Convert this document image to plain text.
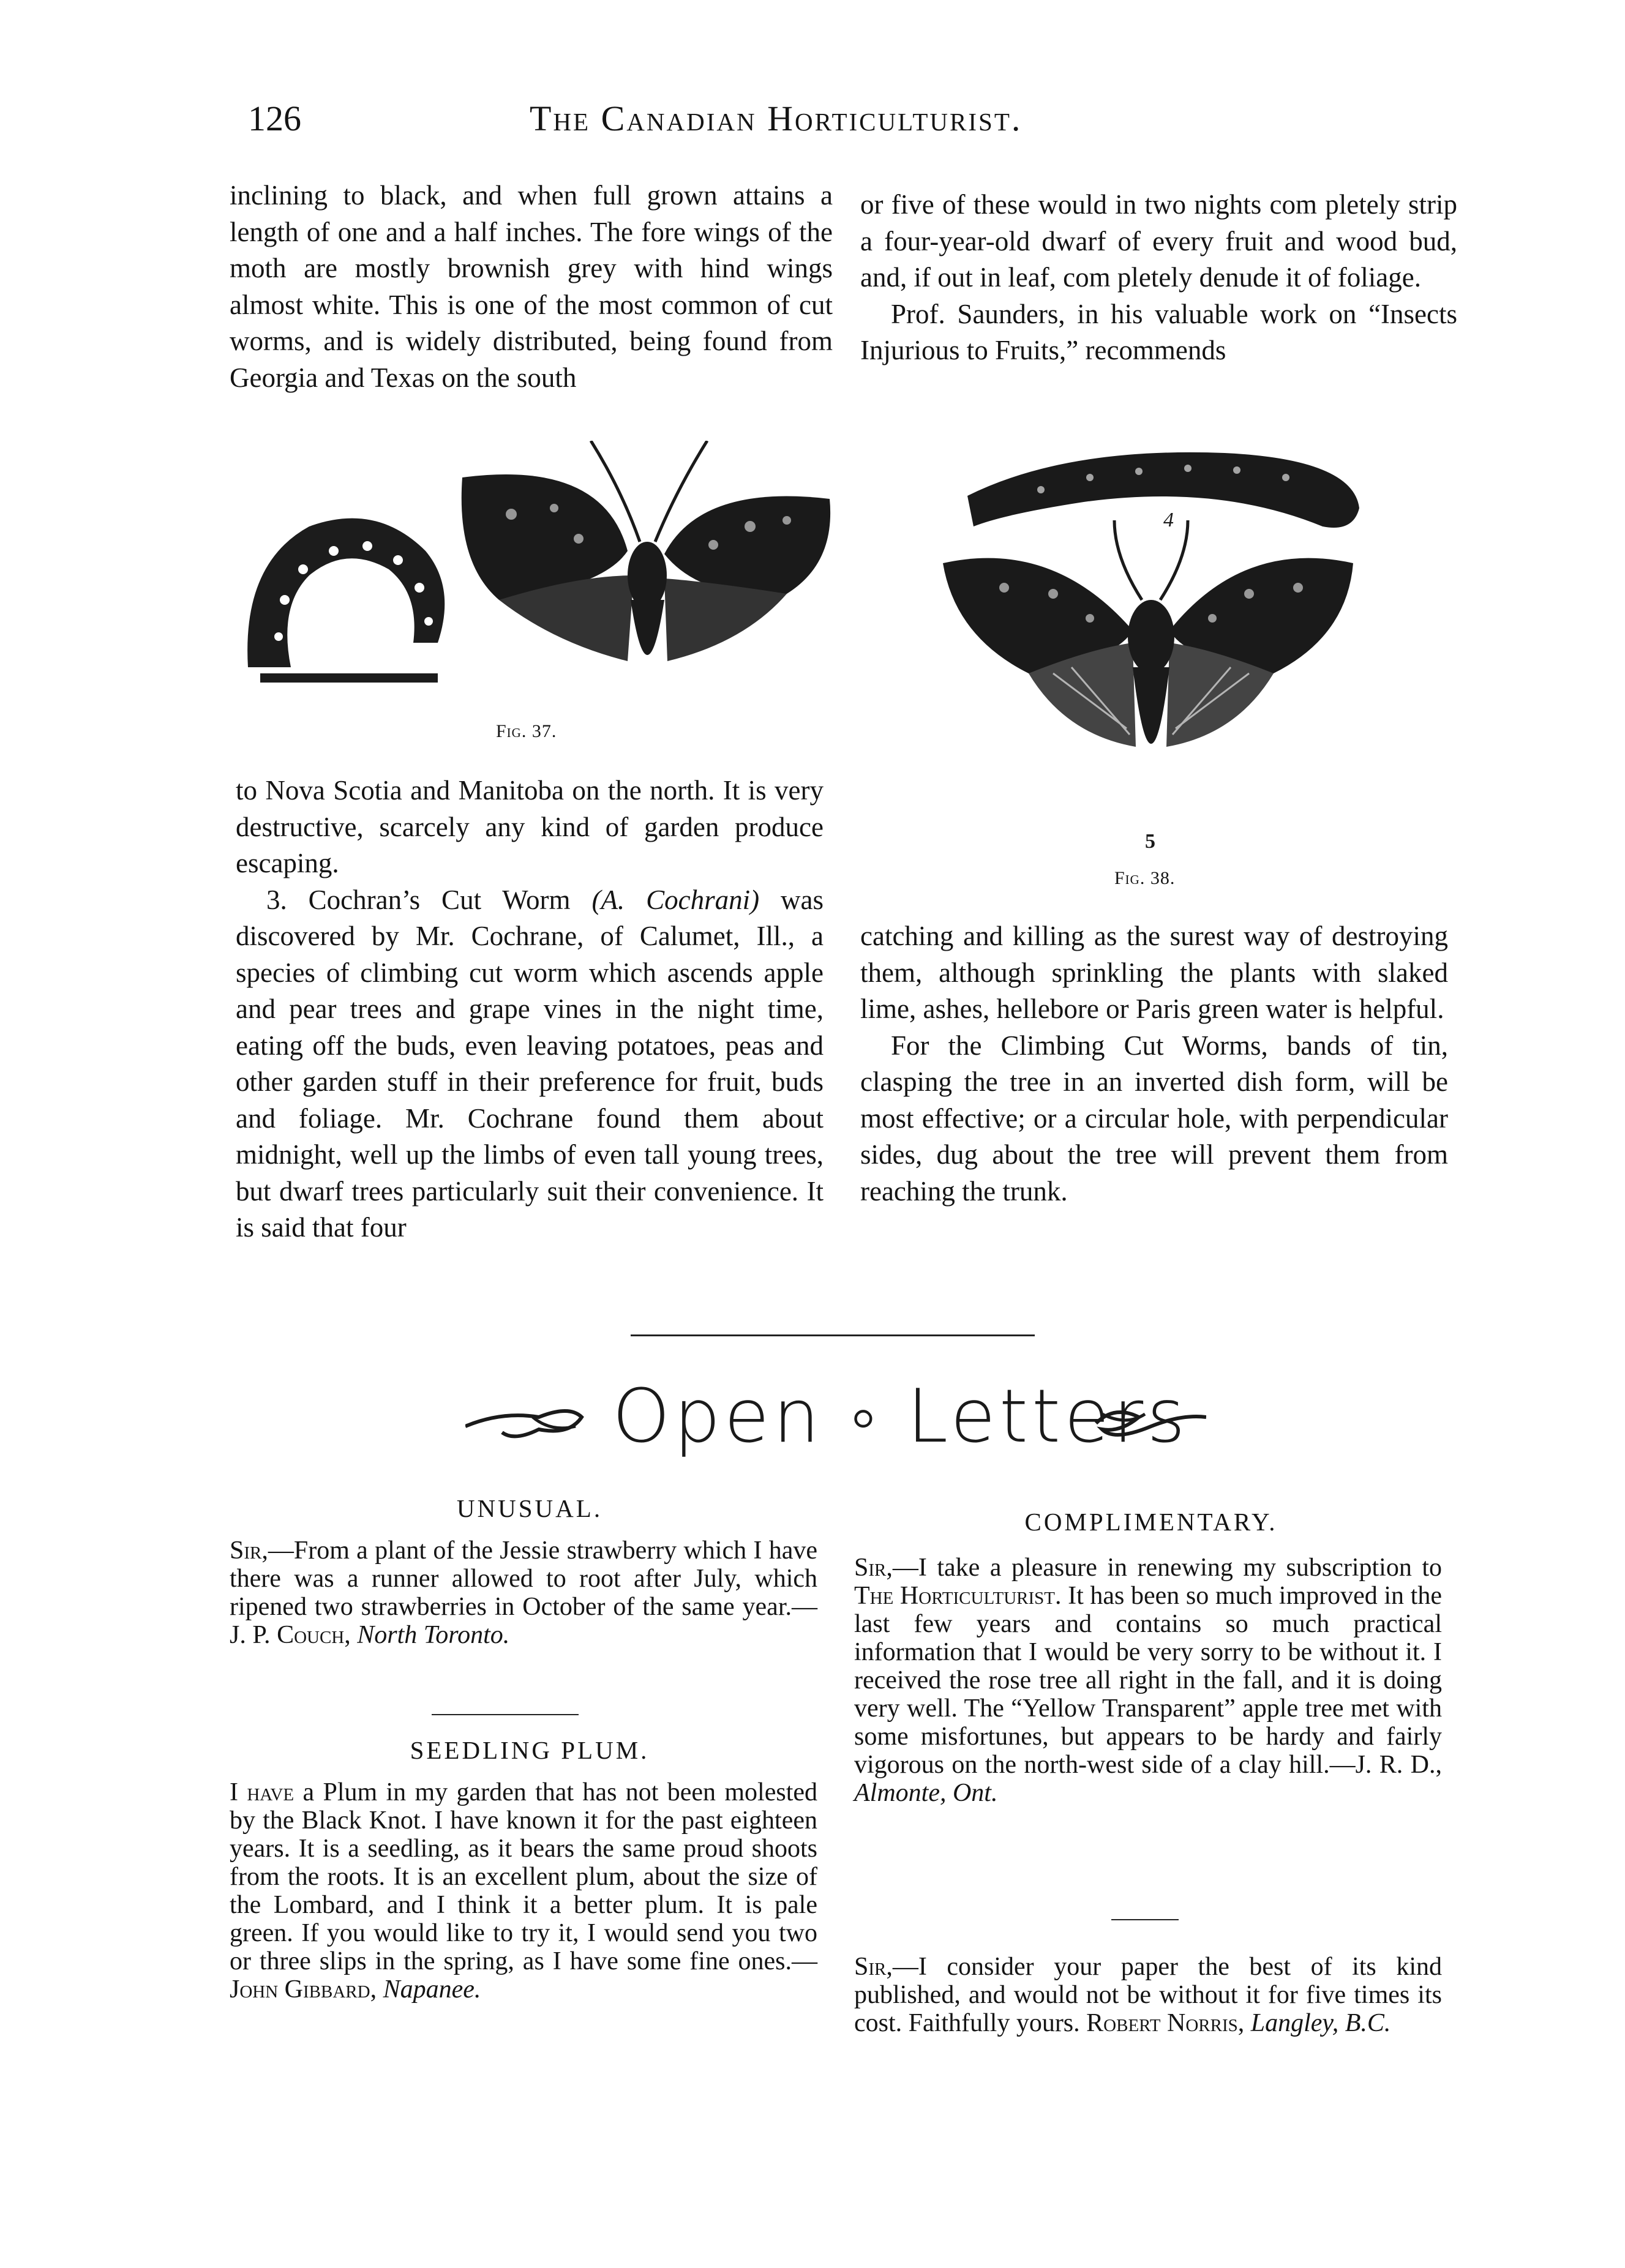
126	The Canadian Horticulturist.

inclining to black, and when full grown attains a length of one and a half inches. The fore wings of the moth are mostly brownish grey with hind wings almost white. This is one of the most common of cut worms, and is widely distributed, being found from Georgia and Texas on the south

or five of these would in two nights com pletely strip a four-year-old dwarf of every fruit and wood bud, and, if out in leaf, com pletely denude it of foliage.

Prof. Saunders, in his valuable work on “Insects Injurious to Fruits,” recommends

Fig. 37.
4
5
Fig. 38.

to Nova Scotia and Manitoba on the north. It is very destructive, scarcely any kind of garden produce escaping.

3. Cochran’s Cut Worm (A. Cochrani) was discovered by Mr. Cochrane, of Calumet, Ill., a species of climbing cut worm which ascends apple and pear trees and grape vines in the night time, eating off the buds, even leaving potatoes, peas and other garden stuff in their preference for fruit, buds and foliage. Mr. Cochrane found them about midnight, well up the limbs of even tall young trees, but dwarf trees particularly suit their convenience. It is said that four

catching and killing as the surest way of destroying them, although sprinkling the plants with slaked lime, ashes, hellebore or Paris green water is helpful.

For the Climbing Cut Worms, bands of tin, clasping the tree in an inverted dish form, will be most effective; or a circular hole, with perpendicular sides, dug about the tree will prevent them from reaching the trunk.

Open ◦ Letters
UNUSUAL.

Sir,—From a plant of the Jessie strawberry which I have there was a runner allowed to root after July, which ripened two strawberries in October of the same year.—J. P. Couch, North Toronto.

SEEDLING PLUM.

I have a Plum in my garden that has not been molested by the Black Knot. I have known it for the past eighteen years. It is a seedling, as it bears the same proud shoots from the roots. It is an excellent plum, about the size of the Lombard, and I think it a better plum. It is pale green. If you would like to try it, I would send you two or three slips in the spring, as I have some fine ones.—John Gibbard, Napanee.

COMPLIMENTARY.

Sir,—I take a pleasure in renewing my subscription to The Horticulturist. It has been so much improved in the last few years and contains so much practical information that I would be very sorry to be without it. I received the rose tree all right in the fall, and it is doing very well. The “Yellow Transparent” apple tree met with some misfortunes, but appears to be hardy and fairly vigorous on the north-west side of a clay hill.—J. R. D., Almonte, Ont.

Sir,—I consider your paper the best of its kind published, and would not be without it for five times its cost. Faithfully yours. Robert Norris, Langley, B.C.
